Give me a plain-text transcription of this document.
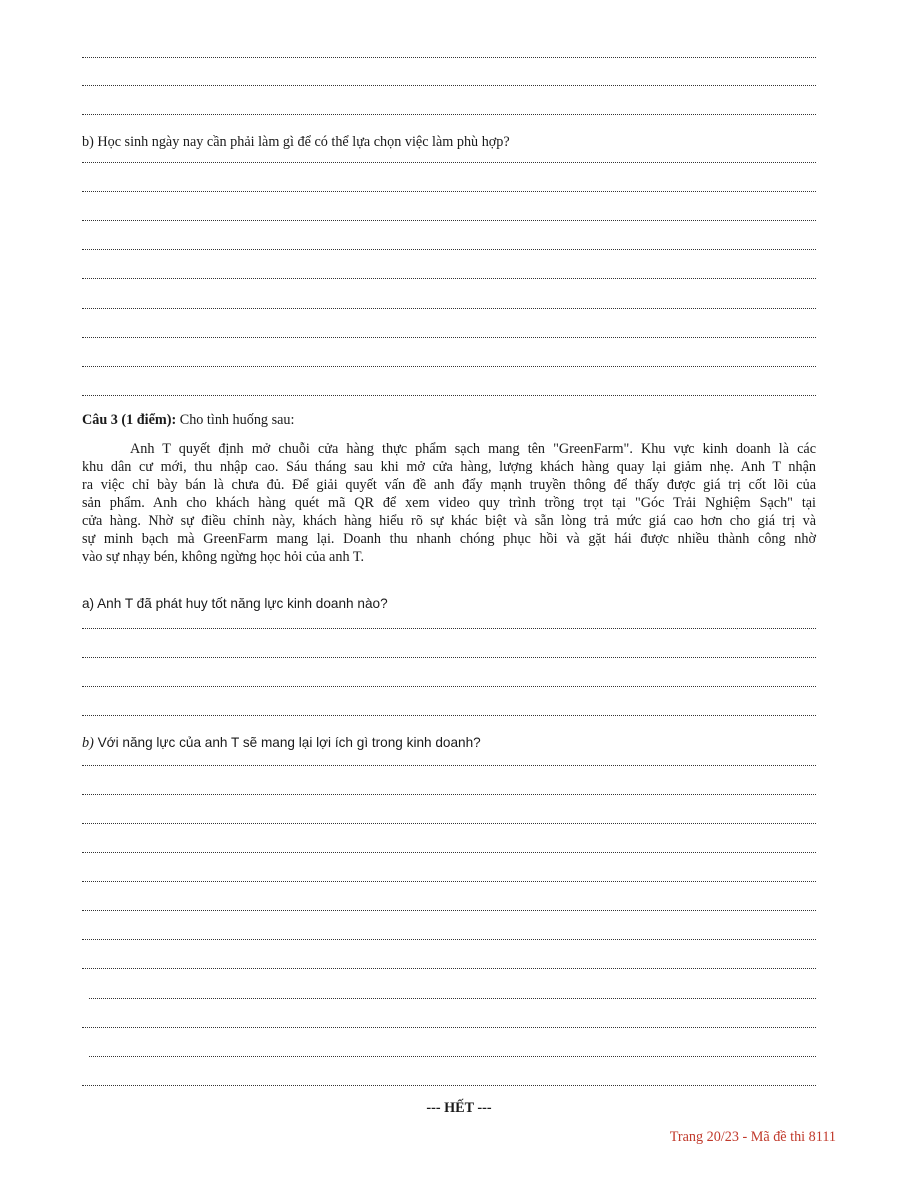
b) Học sinh ngày nay cần phải làm gì để có thể lựa chọn việc làm phù hợp?
Câu 3 (1 điểm): Cho tình huống sau:
Anh T quyết định mở chuỗi cửa hàng thực phẩm sạch mang tên "GreenFarm". Khu vực kinh doanh là các
khu dân cư mới, thu nhập cao. Sáu tháng sau khi mở cửa hàng, lượng khách hàng quay lại giảm nhẹ. Anh T nhận
ra việc chỉ bày bán là chưa đủ. Để giải quyết vấn đề anh đẩy mạnh truyền thông để thấy được giá trị cốt lõi của
sản phẩm. Anh cho khách hàng quét mã QR để xem video quy trình trồng trọt tại "Góc Trải Nghiệm Sạch" tại
cửa hàng. Nhờ sự điều chỉnh này, khách hàng hiểu rõ sự khác biệt và sẵn lòng trả mức giá cao hơn cho giá trị và
sự minh bạch mà GreenFarm mang lại. Doanh thu nhanh chóng phục hồi và gặt hái được nhiều thành công nhờ
vào sự nhạy bén, không ngừng học hỏi của anh T.
a) Anh T đã phát huy tốt năng lực kinh doanh nào?
b) Với năng lực của anh T sẽ mang lại lợi ích gì trong kinh doanh?
--- HẾT ---
Trang 20/23 - Mã đề thi 8111
